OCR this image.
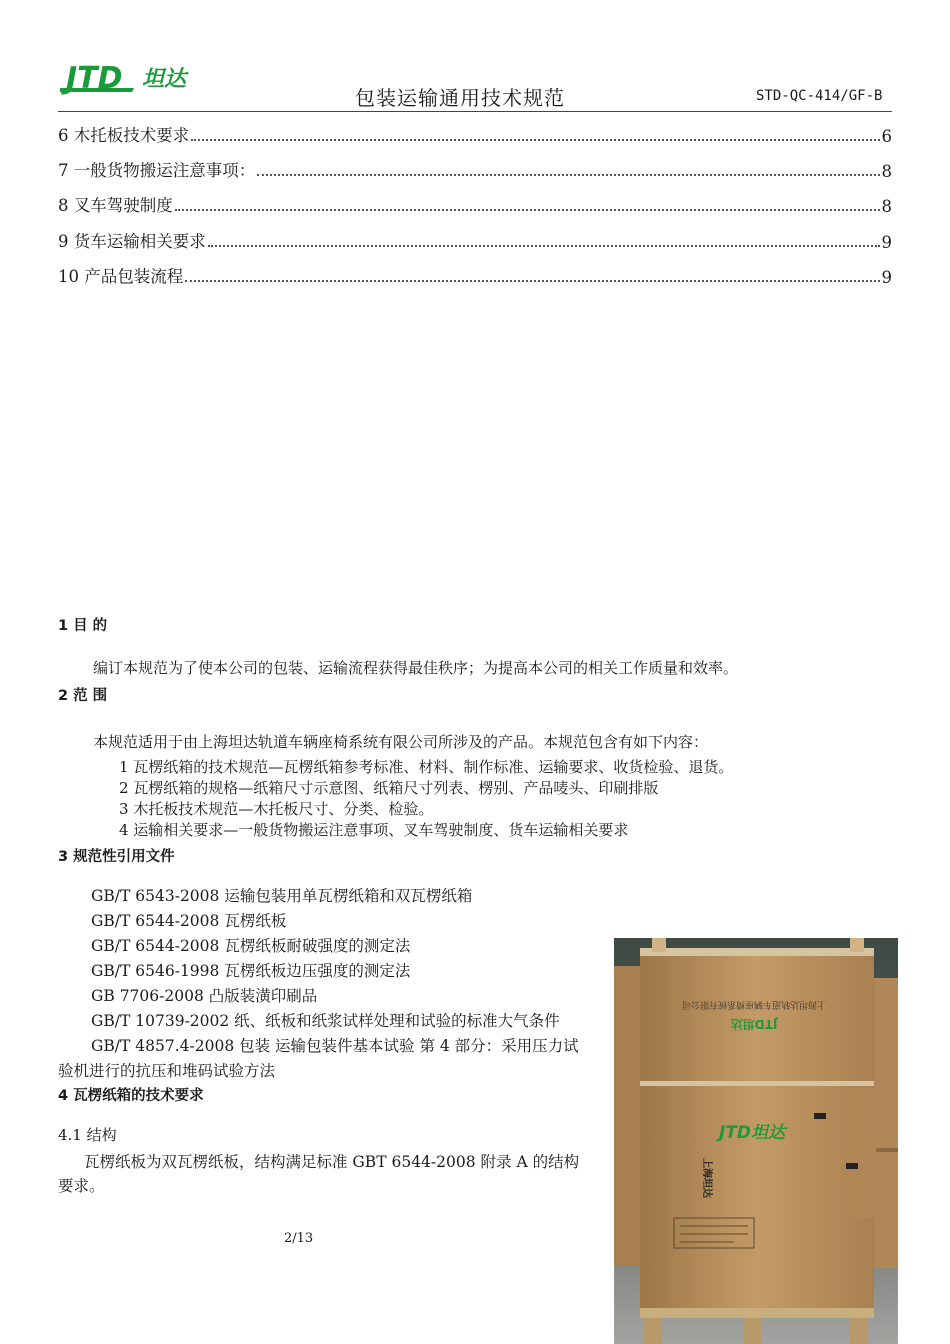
JTD 坦达
包装运输通用技术规范	STD-QC-414/GF-B
6 木托板技术要求	6
7 一般货物搬运注意事项：	8
8 叉车驾驶制度	8
9 货车运输相关要求	9
10 产品包装流程	9
1 目 的
编订本规范为了使本公司的包装、运输流程获得最佳秩序；为提高本公司的相关工作质量和效率。
2 范 围
本规范适用于由上海坦达轨道车辆座椅系统有限公司所涉及的产品。本规范包含有如下内容：
1 瓦楞纸箱的技术规范—瓦楞纸箱参考标准、材料、制作标准、运输要求、收货检验、退货。
2 瓦楞纸箱的规格—纸箱尺寸示意图、纸箱尺寸列表、楞别、产品唛头、印刷排版
3 木托板技术规范—木托板尺寸、分类、检验。
4 运输相关要求—一般货物搬运注意事项、叉车驾驶制度、货车运输相关要求
3 规范性引用文件
GB/T 6543-2008 运输包装用单瓦楞纸箱和双瓦楞纸箱
GB/T 6544-2008 瓦楞纸板
GB/T 6544-2008 瓦楞纸板耐破强度的测定法
GB/T 6546-1998 瓦楞纸板边压强度的测定法
GB 7706-2008 凸版装潢印刷品
GB/T 10739-2002 纸、纸板和纸浆试样处理和试验的标准大气条件
GB/T 4857.4-2008 包装 运输包装件基本试验 第 4 部分：采用压力试
验机进行的抗压和堆码试验方法
4 瓦楞纸箱的技术要求
4.1 结构
瓦楞纸板为双瓦楞纸板，结构满足标准 GBT 6544-2008 附录 A 的结构
要求。
2/13
JTD坦达
上海坦达轨道车辆座椅系统有限公司
JTD坦达
上海坦达
